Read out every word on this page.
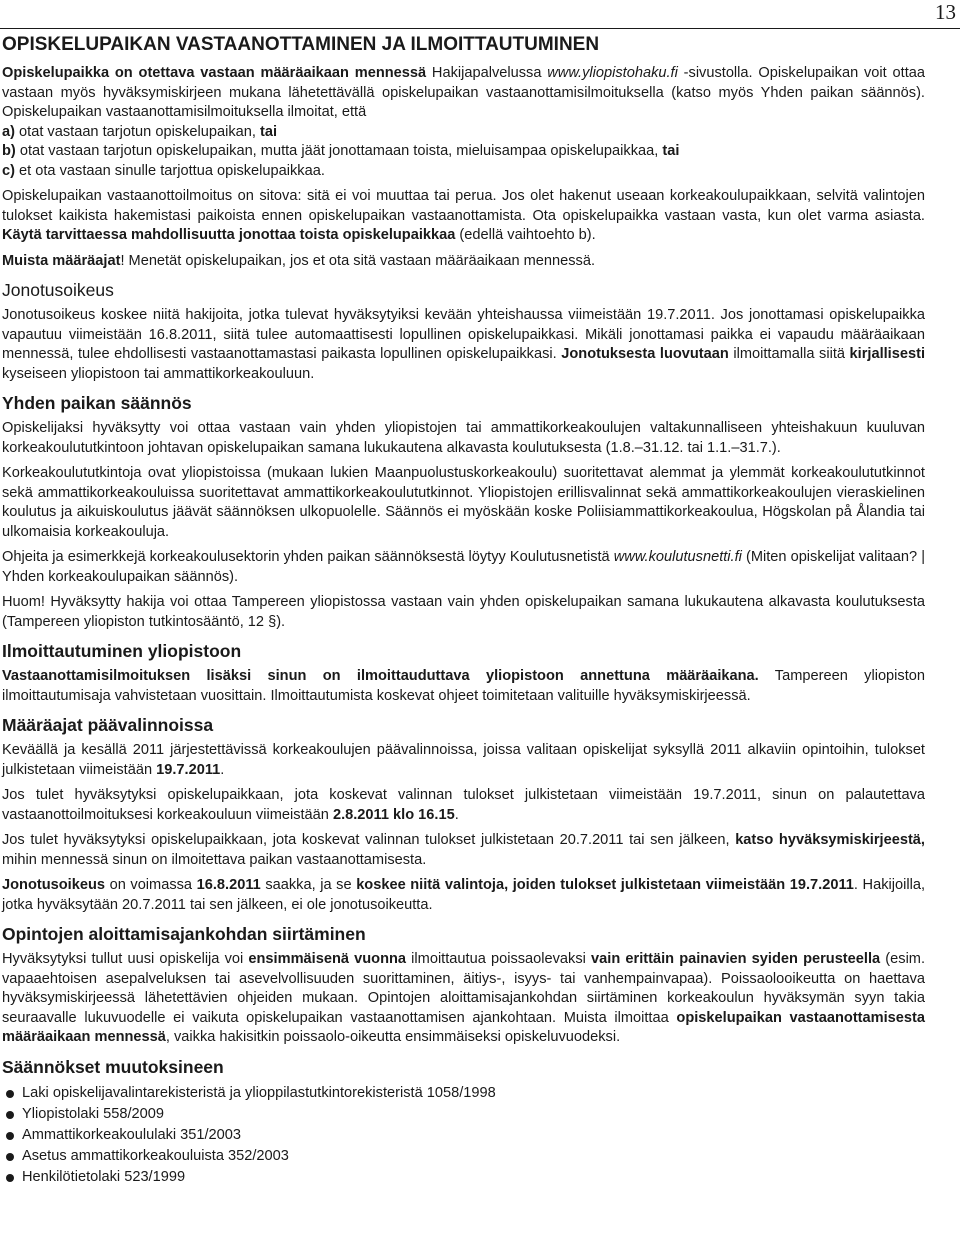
13
OPISKELUPAIKAN VASTAANOTTAMINEN JA ILMOITTAUTUMINEN

Opiskelupaikka on otettava vastaan määräaikaan mennessä Hakijapalvelussa www.yliopistohaku.fi -sivustolla. Opiskelupaikan voit ottaa vastaan myös hyväksymiskirjeen mukana lähetettävällä opiskelupaikan vastaanottamisilmoituksella (katso myös Yhden paikan säännös). Opiskelupaikan vastaanottamisilmoituksella ilmoitat, että

a) otat vastaan tarjotun opiskelupaikan, tai

b) otat vastaan tarjotun opiskelupaikan, mutta jäät jonottamaan toista, mieluisampaa opiskelupaikkaa, tai

c) et ota vastaan sinulle tarjottua opiskelupaikkaa.

Opiskelupaikan vastaanottoilmoitus on sitova: sitä ei voi muuttaa tai perua. Jos olet hakenut useaan korkeakoulupaikkaan, selvitä valintojen tulokset kaikista hakemistasi paikoista ennen opiskelupaikan vastaanottamista. Ota opiskelupaikka vastaan vasta, kun olet varma asiasta. Käytä tarvittaessa mahdollisuutta jonottaa toista opiskelupaikkaa (edellä vaihtoehto b).

Muista määräajat! Menetät opiskelupaikan, jos et ota sitä vastaan määräaikaan mennessä.

Jonotusoikeus

Jonotusoikeus koskee niitä hakijoita, jotka tulevat hyväksytyiksi kevään yhteishaussa viimeistään 19.7.2011. Jos jonottamasi opiskelupaikka vapautuu viimeistään 16.8.2011, siitä tulee automaattisesti lopullinen opiskelupaikkasi. Mikäli jonottamasi paikka ei vapaudu määräaikaan mennessä, tulee ehdollisesti vastaanottamastasi paikasta lopullinen opiskelupaikkasi. Jonotuksesta luovutaan ilmoittamalla siitä kirjallisesti kyseiseen yliopistoon tai ammattikorkeakouluun.

Yhden paikan säännös

Opiskelijaksi hyväksytty voi ottaa vastaan vain yhden yliopistojen tai ammattikorkeakoulujen valtakunnalliseen yhteishakuun kuuluvan korkeakoulututkintoon johtavan opiskelupaikan samana lukukautena alkavasta koulutuksesta (1.8.–31.12. tai 1.1.–31.7.).

Korkeakoulututkintoja ovat yliopistoissa (mukaan lukien Maanpuolustuskorkeakoulu) suoritettavat alemmat ja ylemmät korkeakoulututkinnot sekä ammattikorkeakouluissa suoritettavat ammattikorkeakoulututkinnot. Yliopistojen erillisvalinnat sekä ammattikorkeakoulujen vieraskielinen koulutus ja aikuiskoulutus jäävät säännöksen ulkopuolelle. Säännös ei myöskään koske Poliisiammattikorkeakoulua, Högskolan på Ålandia tai ulkomaisia korkeakouluja.

Ohjeita ja esimerkkejä korkeakoulusektorin yhden paikan säännöksestä löytyy Koulutusnetistä www.koulutusnetti.fi (Miten opiskelijat valitaan? | Yhden korkeakoulupaikan säännös).

Huom! Hyväksytty hakija voi ottaa Tampereen yliopistossa vastaan vain yhden opiskelupaikan samana lukukautena alkavasta koulutuksesta (Tampereen yliopiston tutkintosääntö, 12 §).

Ilmoittautuminen yliopistoon

Vastaanottamisilmoituksen lisäksi sinun on ilmoittauduttava yliopistoon annettuna määräaikana. Tampereen yliopiston ilmoittautumisaja vahvistetaan vuosittain. Ilmoittautumista koskevat ohjeet toimitetaan valituille hyväksymiskirjeessä.

Määräajat päävalinnoissa

Keväällä ja kesällä 2011 järjestettävissä korkeakoulujen päävalinnoissa, joissa valitaan opiskelijat syksyllä 2011 alkaviin opintoihin, tulokset julkistetaan viimeistään 19.7.2011.

Jos tulet hyväksytyksi opiskelupaikkaan, jota koskevat valinnan tulokset julkistetaan viimeistään 19.7.2011, sinun on palautettava vastaanottoilmoituksesi korkeakouluun viimeistään 2.8.2011 klo 16.15.

Jos tulet hyväksytyksi opiskelupaikkaan, jota koskevat valinnan tulokset julkistetaan 20.7.2011 tai sen jälkeen, katso hyväksymiskirjeestä, mihin mennessä sinun on ilmoitettava paikan vastaanottamisesta.

Jonotusoikeus on voimassa 16.8.2011 saakka, ja se koskee niitä valintoja, joiden tulokset julkistetaan viimeistään 19.7.2011. Hakijoilla, jotka hyväksytään 20.7.2011 tai sen jälkeen, ei ole jonotusoikeutta.

Opintojen aloittamisajankohdan siirtäminen

Hyväksytyksi tullut uusi opiskelija voi ensimmäisenä vuonna ilmoittautua poissaolevaksi vain erittäin painavien syiden perusteella (esim. vapaaehtoisen asepalveluksen tai asevelvollisuuden suorittaminen, äitiys-, isyys- tai vanhempainvapaa). Poissaolooikeutta on haettava hyväksymiskirjeessä lähetettävien ohjeiden mukaan. Opintojen aloittamisajankohdan siirtäminen korkeakoulun hyväksymän syyn takia seuraavalle lukuvuodelle ei vaikuta opiskelupaikan vastaanottamisen ajankohtaan. Muista ilmoittaa opiskelupaikan vastaanottamisesta määräaikaan mennessä, vaikka hakisitkin poissaolo-oikeutta ensimmäiseksi opiskeluvuodeksi.

Säännökset muutoksineen
Laki opiskelijavalintarekisteristä ja ylioppilastutkintorekisteristä 1058/1998
Yliopistolaki 558/2009
Ammattikorkeakoululaki 351/2003
Asetus ammattikorkeakouluista 352/2003
Henkilötietolaki 523/1999
